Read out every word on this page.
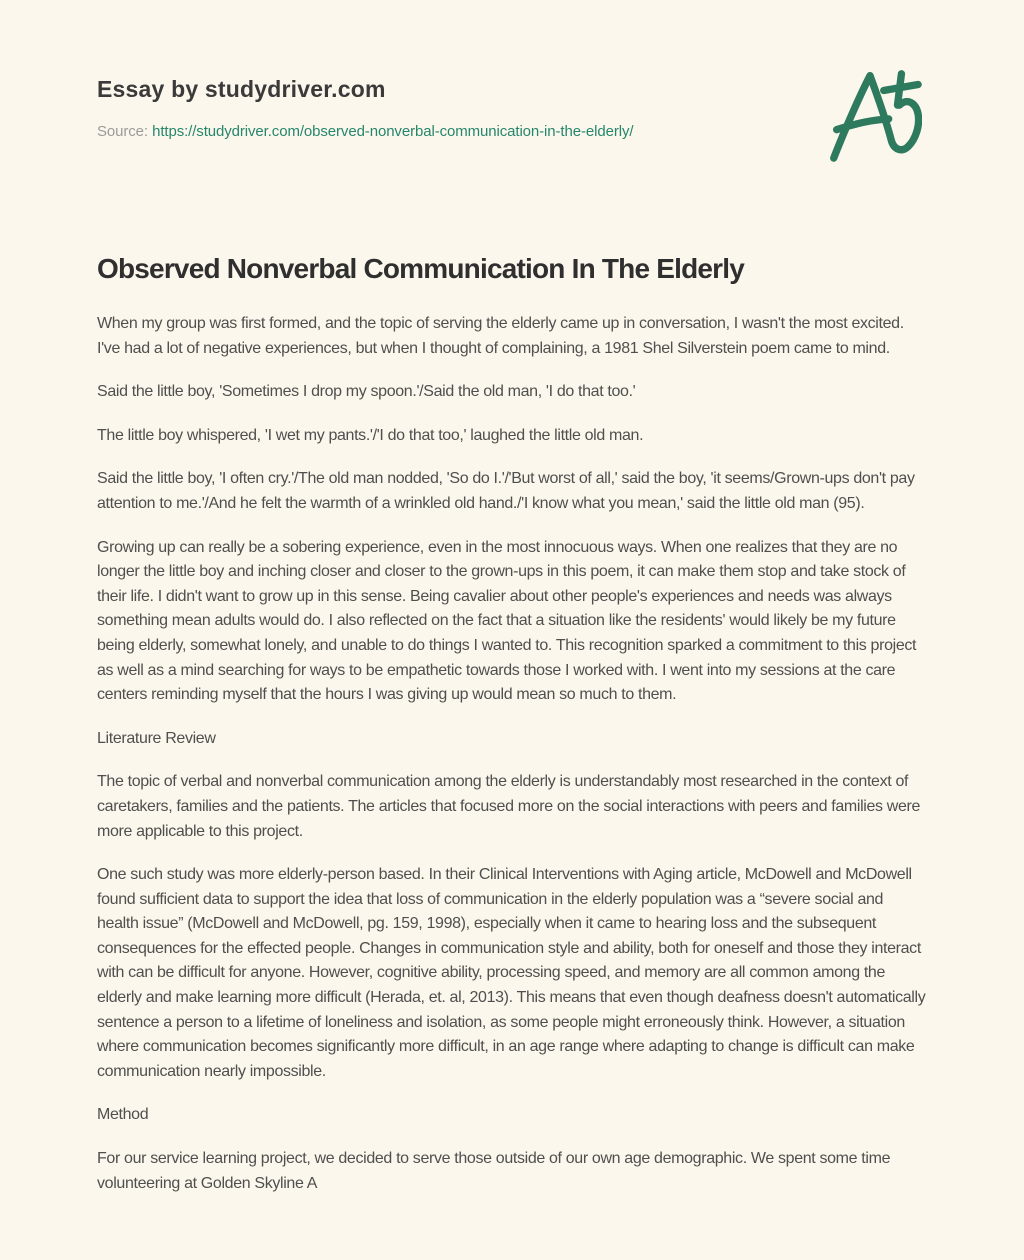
Essay by studydriver.com
Source: https://studydriver.com/observed-nonverbal-communication-in-the-elderly/
Observed Nonverbal Communication In The Elderly

When my group was first formed, and the topic of serving the elderly came up in conversation, I wasn't the most excited. I've had a lot of negative experiences, but when I thought of complaining, a 1981 Shel Silverstein poem came to mind.

Said the little boy, 'Sometimes I drop my spoon.'/Said the old man, 'I do that too.'

The little boy whispered, 'I wet my pants.'/'I do that too,' laughed the little old man.

Said the little boy, 'I often cry.'/The old man nodded, 'So do I.'/'But worst of all,' said the boy, 'it seems/Grown-ups don't pay attention to me.'/And he felt the warmth of a wrinkled old hand./'I know what you mean,' said the little old man (95).

Growing up can really be a sobering experience, even in the most innocuous ways. When one realizes that they are no longer the little boy and inching closer and closer to the grown-ups in this poem, it can make them stop and take stock of their life. I didn't want to grow up in this sense. Being cavalier about other people's experiences and needs was always something mean adults would do. I also reflected on the fact that a situation like the residents' would likely be my future being elderly, somewhat lonely, and unable to do things I wanted to. This recognition sparked a commitment to this project as well as a mind searching for ways to be empathetic towards those I worked with. I went into my sessions at the care centers reminding myself that the hours I was giving up would mean so much to them.

Literature Review

The topic of verbal and nonverbal communication among the elderly is understandably most researched in the context of caretakers, families and the patients. The articles that focused more on the social interactions with peers and families were more applicable to this project.

One such study was more elderly-person based. In their Clinical Interventions with Aging article, McDowell and McDowell found sufficient data to support the idea that loss of communication in the elderly population was a “severe social and health issue” (McDowell and McDowell, pg. 159, 1998), especially when it came to hearing loss and the subsequent consequences for the effected people. Changes in communication style and ability, both for oneself and those they interact with can be difficult for anyone. However, cognitive ability, processing speed, and memory are all common among the elderly and make learning more difficult (Herada, et. al, 2013). This means that even though deafness doesn't automatically sentence a person to a lifetime of loneliness and isolation, as some people might erroneously think. However, a situation where communication becomes significantly more difficult, in an age range where adapting to change is difficult can make communication nearly impossible.

Method

For our service learning project, we decided to serve those outside of our own age demographic. We spent some time volunteering at Golden Skyline A
